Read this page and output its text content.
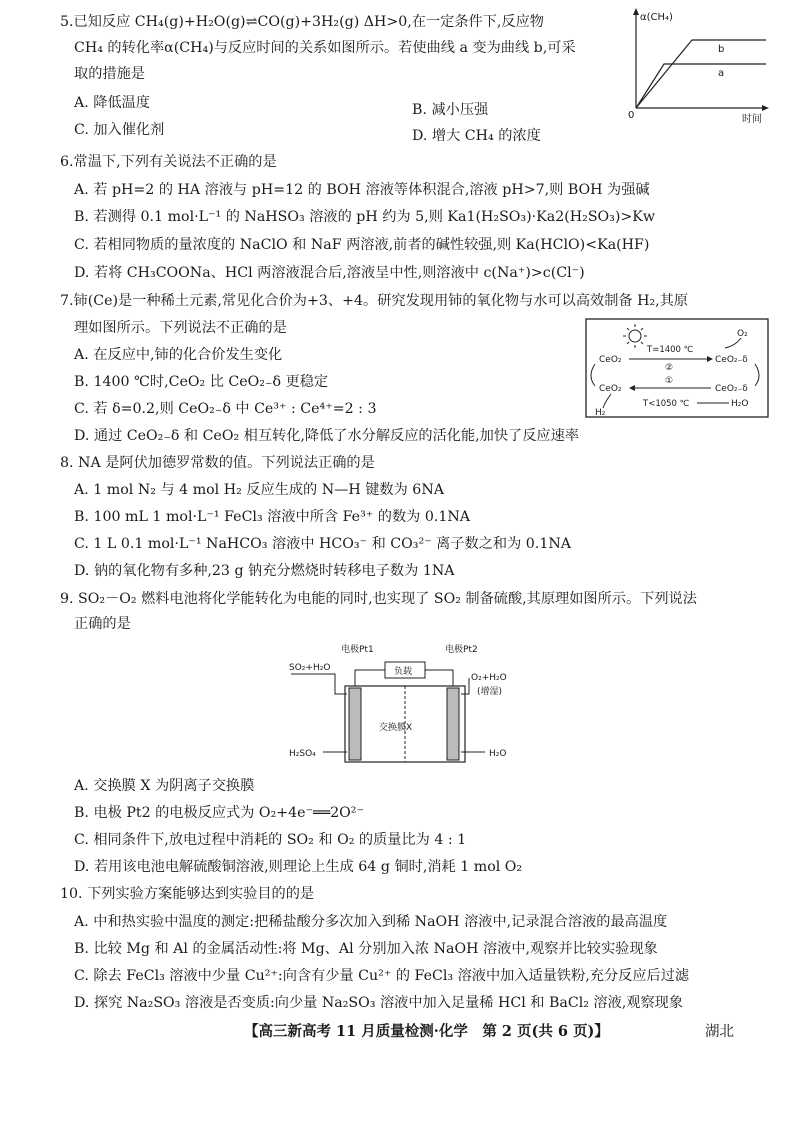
5.已知反应 CH₄(g)+H₂O(g)⇌CO(g)+3H₂(g) ΔH>0,在一定条件下,反应物
CH₄ 的转化率α(CH₄)与反应时间的关系如图所示。若使曲线 a 变为曲线 b,可采
取的措施是
A. 降低温度	B. 减小压强
C. 加入催化剂	D. 增大 CH₄ 的浓度
α(CH₄)
时间
0
b
a
6.常温下,下列有关说法不正确的是
A. 若 pH=2 的 HA 溶液与 pH=12 的 BOH 溶液等体积混合,溶液 pH>7,则 BOH 为强碱
B. 若测得 0.1 mol·L⁻¹ 的 NaHSO₃ 溶液的 pH 约为 5,则 Ka1(H₂SO₃)·Ka2(H₂SO₃)>Kw
C. 若相同物质的量浓度的 NaClO 和 NaF 两溶液,前者的碱性较强,则 Ka(HClO)<Ka(HF)
D. 若将 CH₃COONa、HCl 两溶液混合后,溶液呈中性,则溶液中 c(Na⁺)>c(Cl⁻)
7.铈(Ce)是一种稀土元素,常见化合价为+3、+4。研究发现用铈的氧化物与水可以高效制备 H₂,其原
理如图所示。下列说法不正确的是
A. 在反应中,铈的化合价发生变化
B. 1400 ℃时,CeO₂ 比 CeO₂₋δ 更稳定
C. 若 δ=0.2,则 CeO₂₋δ 中 Ce³⁺ : Ce⁴⁺=2 : 3
D. 通过 CeO₂₋δ 和 CeO₂ 相互转化,降低了水分解反应的活化能,加快了反应速率
O₂
T=1400 ℃
CeO₂	CeO₂₋δ
②
①
CeO₂	CeO₂₋δ
T<1050 ℃	H₂O
H₂
8. NA 是阿伏加德罗常数的值。下列说法正确的是
A. 1 mol N₂ 与 4 mol H₂ 反应生成的 N—H 键数为 6NA
B. 100 mL 1 mol·L⁻¹ FeCl₃ 溶液中所含 Fe³⁺ 的数为 0.1NA
C. 1 L 0.1 mol·L⁻¹ NaHCO₃ 溶液中 HCO₃⁻ 和 CO₃²⁻ 离子数之和为 0.1NA
D. 钠的氧化物有多种,23 g 钠充分燃烧时转移电子数为 1NA
9. SO₂－O₂ 燃料电池将化学能转化为电能的同时,也实现了 SO₂ 制备硫酸,其原理如图所示。下列说法
正确的是
电极Pt1	电极Pt2
负载
交换膜X
SO₂+H₂O
O₂+H₂O
(增湿)
H₂SO₄	H₂O
A. 交换膜 X 为阴离子交换膜
B. 电极 Pt2 的电极反应式为 O₂+4e⁻══2O²⁻
C. 相同条件下,放电过程中消耗的 SO₂ 和 O₂ 的质量比为 4 : 1
D. 若用该电池电解硫酸铜溶液,则理论上生成 64 g 铜时,消耗 1 mol O₂
10. 下列实验方案能够达到实验目的的是
A. 中和热实验中温度的测定:把稀盐酸分多次加入到稀 NaOH 溶液中,记录混合溶液的最高温度
B. 比较 Mg 和 Al 的金属活动性:将 Mg、Al 分别加入浓 NaOH 溶液中,观察并比较实验现象
C. 除去 FeCl₃ 溶液中少量 Cu²⁺:向含有少量 Cu²⁺ 的 FeCl₃ 溶液中加入适量铁粉,充分反应后过滤
D. 探究 Na₂SO₃ 溶液是否变质:向少量 Na₂SO₃ 溶液中加入足量稀 HCl 和 BaCl₂ 溶液,观察现象
【高三新高考 11 月质量检测·化学　第 2 页(共 6 页)】	湖北
